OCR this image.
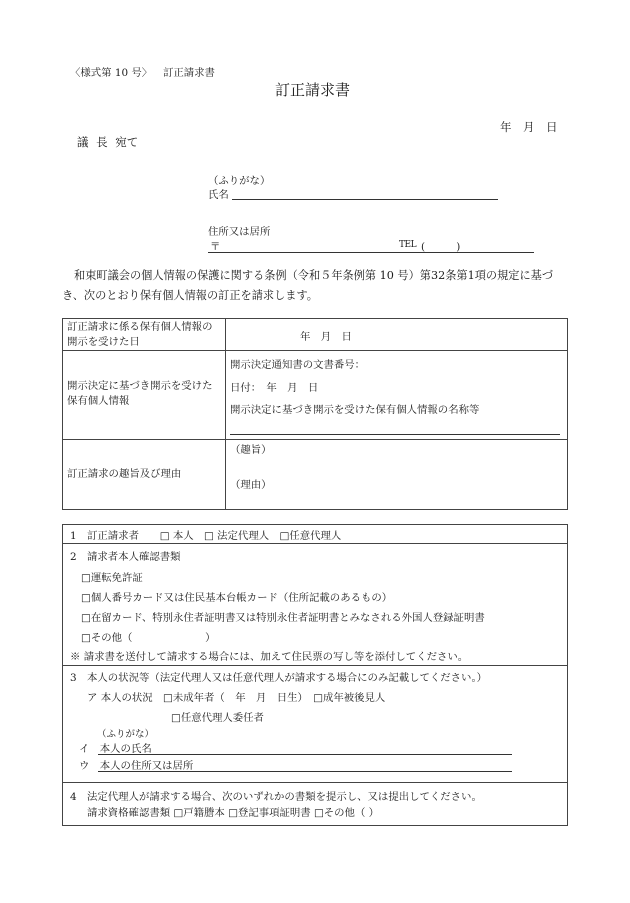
〈様式第 10 号〉 訂正請求書
訂正請求書
年　月　日
議 長 宛て
（ふりがな）
氏名
住所又は居所
〒	TEL (　　　)
和束町議会の個人情報の保護に関する条例（令和５年条例第 10 号）第32条第1項の規定に基づき、次のとおり保有個人情報の訂正を請求します。
訂正請求に係る保有個人情報の開示を受けた日	年　月　日
開示決定に基づき開示を受けた保有個人情報
開示決定通知書の文書番号：
日付：　年　月　日
開示決定に基づき開示を受けた保有個人情報の名称等
訂正請求の趣旨及び理由
（趣旨）
（理由）
1　訂正請求者　　□ 本人　□ 法定代理人　□任意代理人
2　請求者本人確認書類
□運転免許証
□個人番号カード又は住民基本台帳カード（住所記載のあるもの）
□在留カード、特別永住者証明書又は特別永住者証明書とみなされる外国人登録証明書
□その他（　　　　　　　）
※ 請求書を送付して請求する場合には、加えて住民票の写し等を添付してください。
3　本人の状況等（法定代理人又は任意代理人が請求する場合にのみ記載してください。）
ア 本人の状況　□未成年者（　年　月　日生）　□成年被後見人
□任意代理人委任者
（ふりがな）
イ　本人の氏名
ウ　本人の住所又は居所
4　法定代理人が請求する場合、次のいずれかの書類を提示し、又は提出してください。
請求資格確認書類 □戸籍謄本 □登記事項証明書 □その他（ ）
